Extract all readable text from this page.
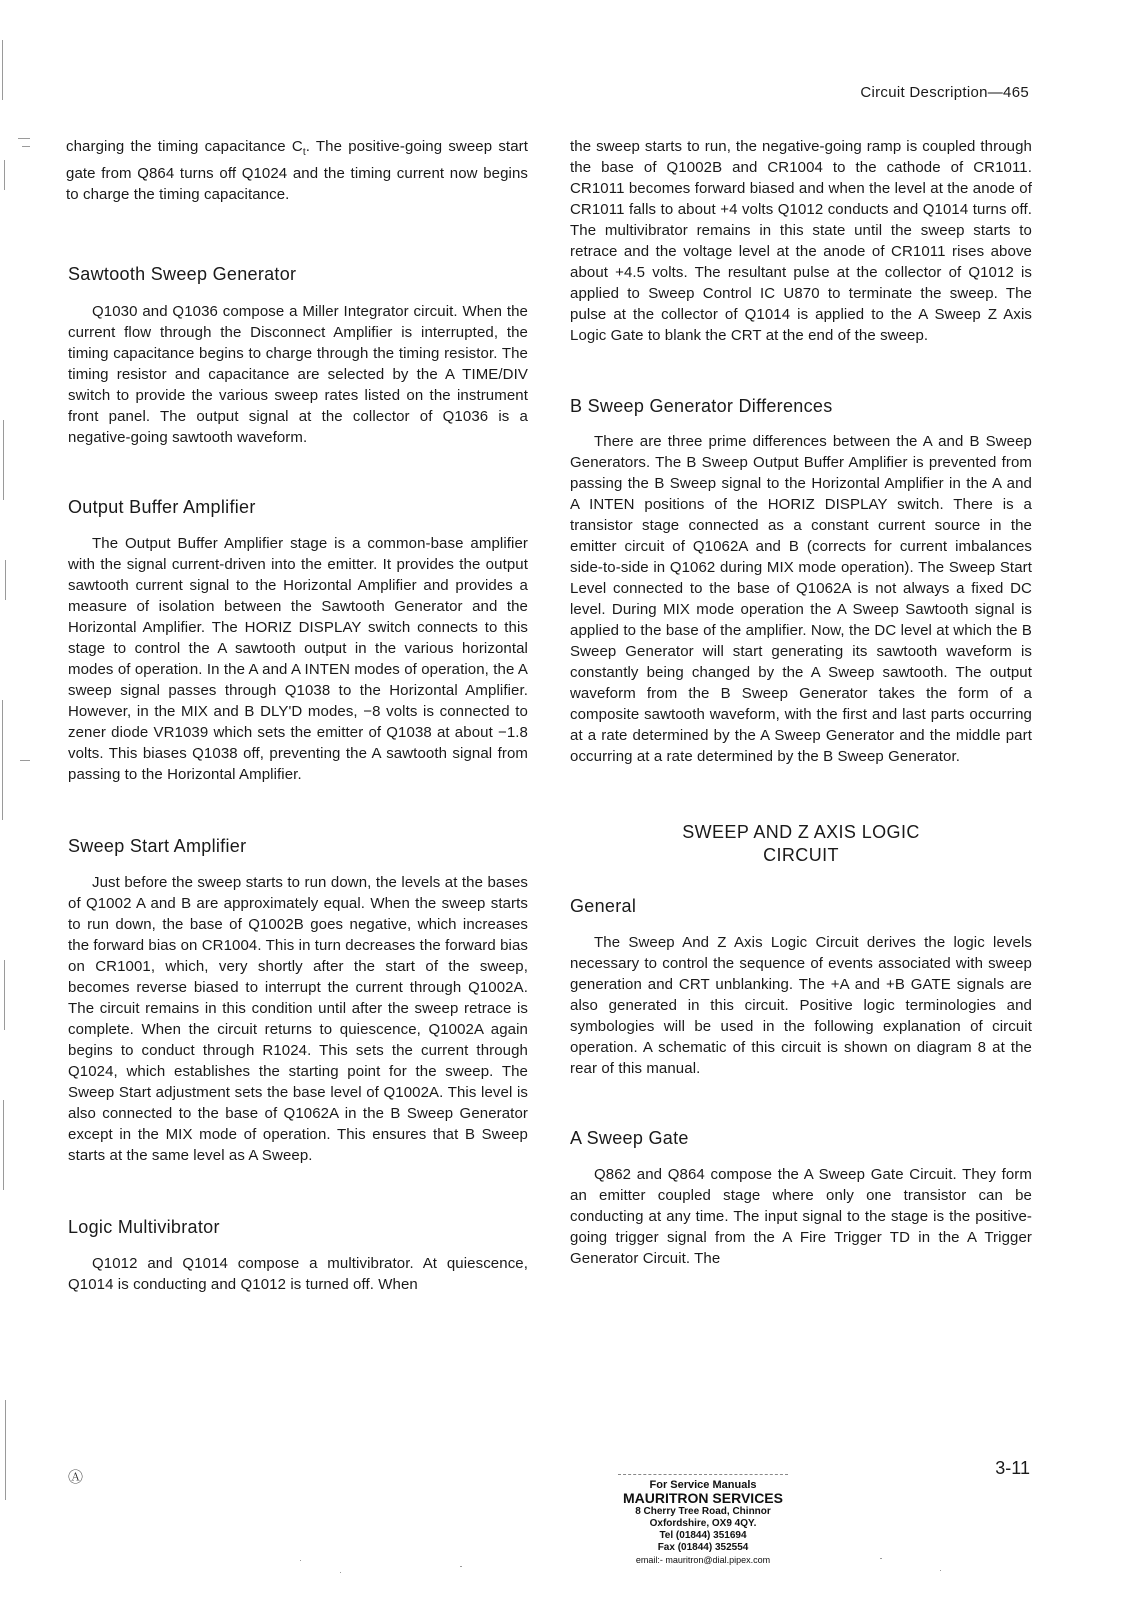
Circuit Description—465

charging the timing capacitance $C_t$. The positive-going sweep start gate from Q864 turns off Q1024 and the timing current now begins to charge the timing capacitance.

Sawtooth Sweep Generator

Q1030 and Q1036 compose a Miller Integrator circuit. When the current flow through the Disconnect Amplifier is interrupted, the timing capacitance begins to charge through the timing resistor. The timing resistor and capacitance are selected by the A TIME/DIV switch to provide the various sweep rates listed on the instrument front panel. The output signal at the collector of Q1036 is a negative-going sawtooth waveform.

Output Buffer Amplifier

The Output Buffer Amplifier stage is a common-base amplifier with the signal current-driven into the emitter. It provides the output sawtooth current signal to the Horizontal Amplifier and provides a measure of isolation between the Sawtooth Generator and the Horizontal Amplifier. The HORIZ DISPLAY switch connects to this stage to control the A sawtooth output in the various horizontal modes of operation. In the A and A INTEN modes of operation, the A sweep signal passes through Q1038 to the Horizontal Amplifier. However, in the MIX and B DLY'D modes, −8 volts is connected to zener diode VR1039 which sets the emitter of Q1038 at about −1.8 volts. This biases Q1038 off, preventing the A sawtooth signal from passing to the Horizontal Amplifier.

Sweep Start Amplifier

Just before the sweep starts to run down, the levels at the bases of Q1002 A and B are approximately equal. When the sweep starts to run down, the base of Q1002B goes negative, which increases the forward bias on CR1004. This in turn decreases the forward bias on CR1001, which, very shortly after the start of the sweep, becomes reverse biased to interrupt the current through Q1002A. The circuit remains in this condition until after the sweep retrace is complete. When the circuit returns to quiescence, Q1002A again begins to conduct through R1024. This sets the current through Q1024, which establishes the starting point for the sweep. The Sweep Start adjustment sets the base level of Q1002A. This level is also connected to the base of Q1062A in the B Sweep Generator except in the MIX mode of operation. This ensures that B Sweep starts at the same level as A Sweep.

Logic Multivibrator

Q1012 and Q1014 compose a multivibrator. At quiescence, Q1014 is conducting and Q1012 is turned off. When

the sweep starts to run, the negative-going ramp is coupled through the base of Q1002B and CR1004 to the cathode of CR1011. CR1011 becomes forward biased and when the level at the anode of CR1011 falls to about +4 volts Q1012 conducts and Q1014 turns off. The multivibrator remains in this state until the sweep starts to retrace and the voltage level at the anode of CR1011 rises above about +4.5 volts. The resultant pulse at the collector of Q1012 is applied to Sweep Control IC U870 to terminate the sweep. The pulse at the collector of Q1014 is applied to the A Sweep Z Axis Logic Gate to blank the CRT at the end of the sweep.

B Sweep Generator Differences

There are three prime differences between the A and B Sweep Generators. The B Sweep Output Buffer Amplifier is prevented from passing the B Sweep signal to the Horizontal Amplifier in the A and A INTEN positions of the HORIZ DISPLAY switch. There is a transistor stage connected as a constant current source in the emitter circuit of Q1062A and B (corrects for current imbalances side-to-side in Q1062 during MIX mode operation). The Sweep Start Level connected to the base of Q1062A is not always a fixed DC level. During MIX mode operation the A Sweep Sawtooth signal is applied to the base of the amplifier. Now, the DC level at which the B Sweep Generator will start generating its sawtooth waveform is constantly being changed by the A Sweep sawtooth. The output waveform from the B Sweep Generator takes the form of a composite sawtooth waveform, with the first and last parts occurring at a rate determined by the A Sweep Generator and the middle part occurring at a rate determined by the B Sweep Generator.

SWEEP AND Z AXIS LOGIC
CIRCUIT
General

The Sweep And Z Axis Logic Circuit derives the logic levels necessary to control the sequence of events associated with sweep generation and CRT unblanking. The +A and +B GATE signals are also generated in this circuit. Positive logic terminologies and symbologies will be used in the following explanation of circuit operation. A schematic of this circuit is shown on diagram 8 at the rear of this manual.

A Sweep Gate

Q862 and Q864 compose the A Sweep Gate Circuit. They form an emitter coupled stage where only one transistor can be conducting at any time. The input signal to the stage is the positive-going trigger signal from the A Fire Trigger TD in the A Trigger Generator Circuit. The

Ⓐ	3-11
For Service Manuals
MAURITRON SERVICES
8 Cherry Tree Road, Chinnor
Oxfordshire, OX9 4QY.
Tel (01844) 351694
Fax (01844) 352554
email:- mauritron@dial.pipex.com
